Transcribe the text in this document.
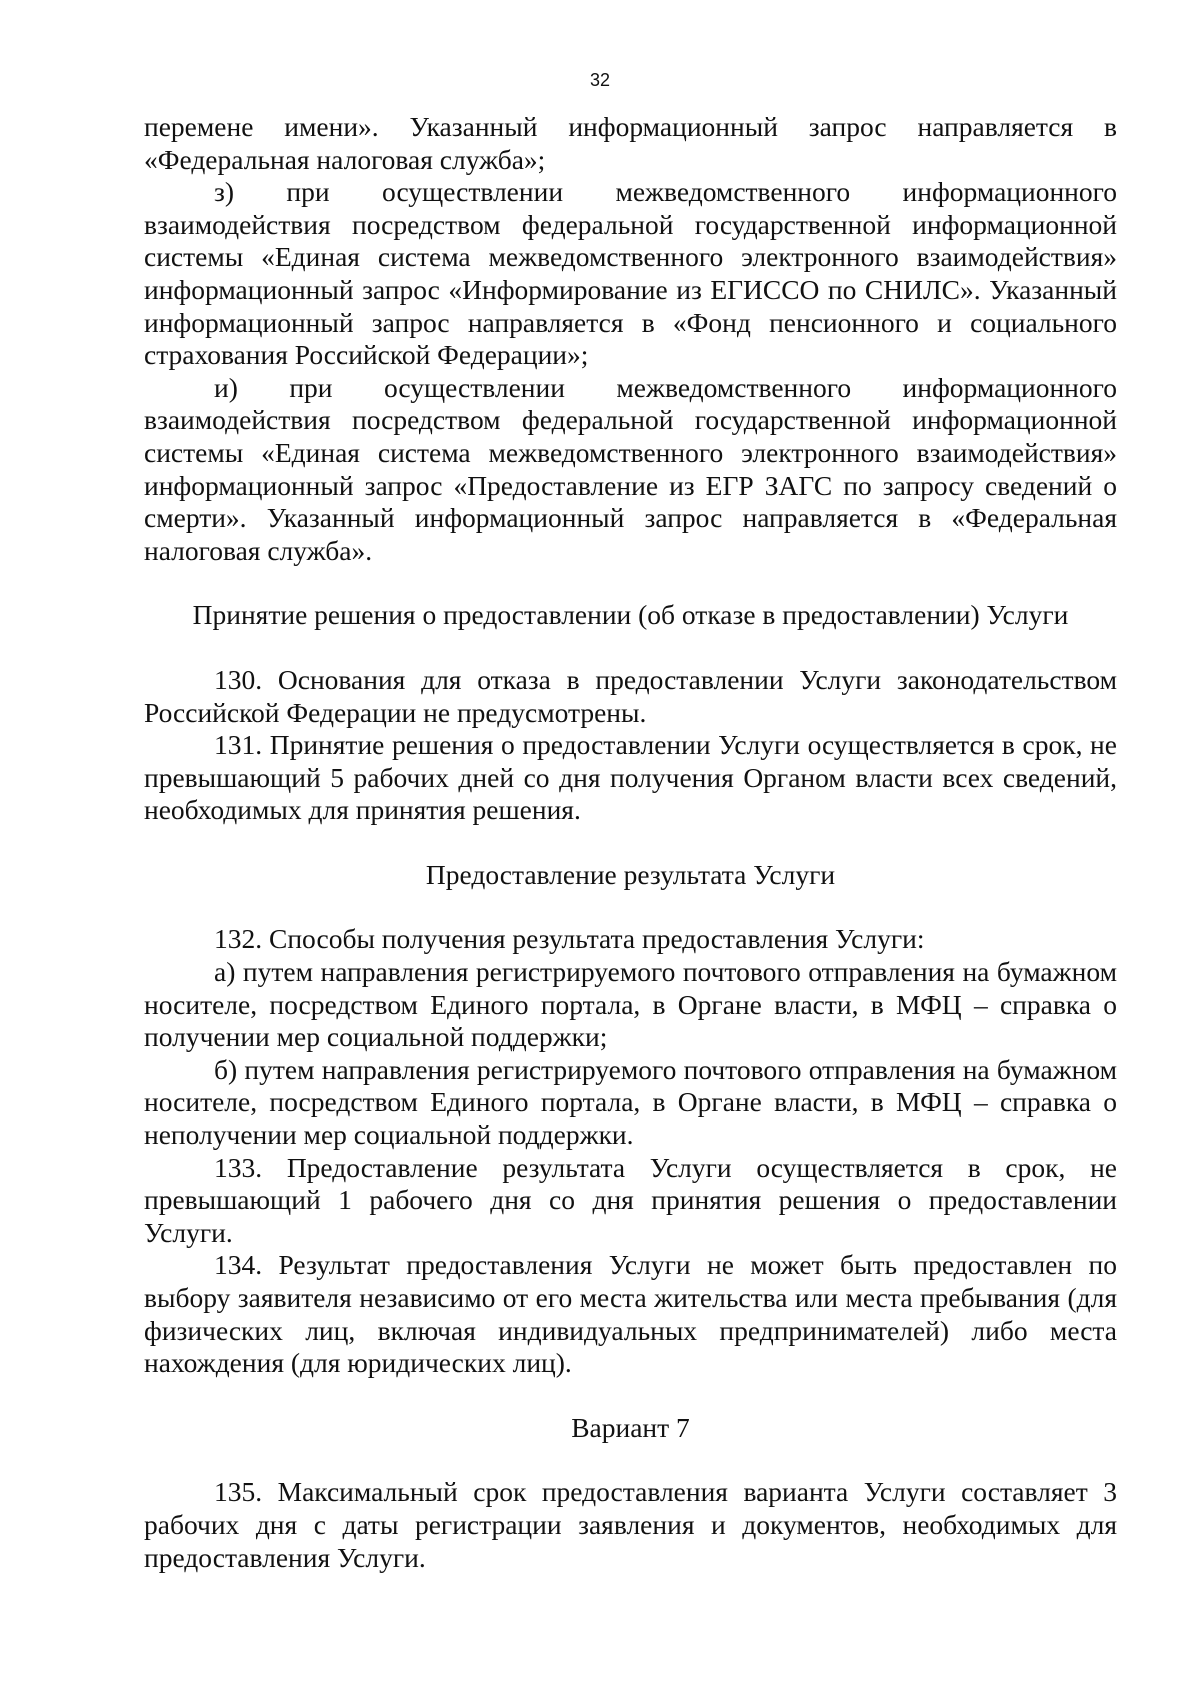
32

перемене имени». Указанный информационный запрос направляется в «Федеральная налоговая служба»;

з) при осуществлении межведомственного информационного взаимодействия посредством федеральной государственной информационной системы «Единая система межведомственного электронного взаимодействия» информационный запрос «Информирование из ЕГИССО по СНИЛС». Указанный информационный запрос направляется в «Фонд пенсионного и социального страхования Российской Федерации»;

и) при осуществлении межведомственного информационного взаимодействия посредством федеральной государственной информационной системы «Единая система межведомственного электронного взаимодействия» информационный запрос «Предоставление из ЕГР ЗАГС по запросу сведений о смерти». Указанный информационный запрос направляется в «Федеральная налоговая служба».

Принятие решения о предоставлении (об отказе в предоставлении) Услуги

130. Основания для отказа в предоставлении Услуги законодательством Российской Федерации не предусмотрены.

131. Принятие решения о предоставлении Услуги осуществляется в срок, не превышающий 5 рабочих дней со дня получения Органом власти всех сведений, необходимых для принятия решения.

Предоставление результата Услуги

132. Способы получения результата предоставления Услуги:

а) путем направления регистрируемого почтового отправления на бумажном носителе, посредством Единого портала, в Органе власти, в МФЦ – справка о получении мер социальной поддержки;

б) путем направления регистрируемого почтового отправления на бумажном носителе, посредством Единого портала, в Органе власти, в МФЦ – справка о неполучении мер социальной поддержки.

133. Предоставление результата Услуги осуществляется в срок, не превышающий 1 рабочего дня со дня принятия решения о предоставлении Услуги.

134. Результат предоставления Услуги не может быть предоставлен по выбору заявителя независимо от его места жительства или места пребывания (для физических лиц, включая индивидуальных предпринимателей) либо места нахождения (для юридических лиц).

Вариант 7

135. Максимальный срок предоставления варианта Услуги составляет 3 рабочих дня с даты регистрации заявления и документов, необходимых для предоставления Услуги.
